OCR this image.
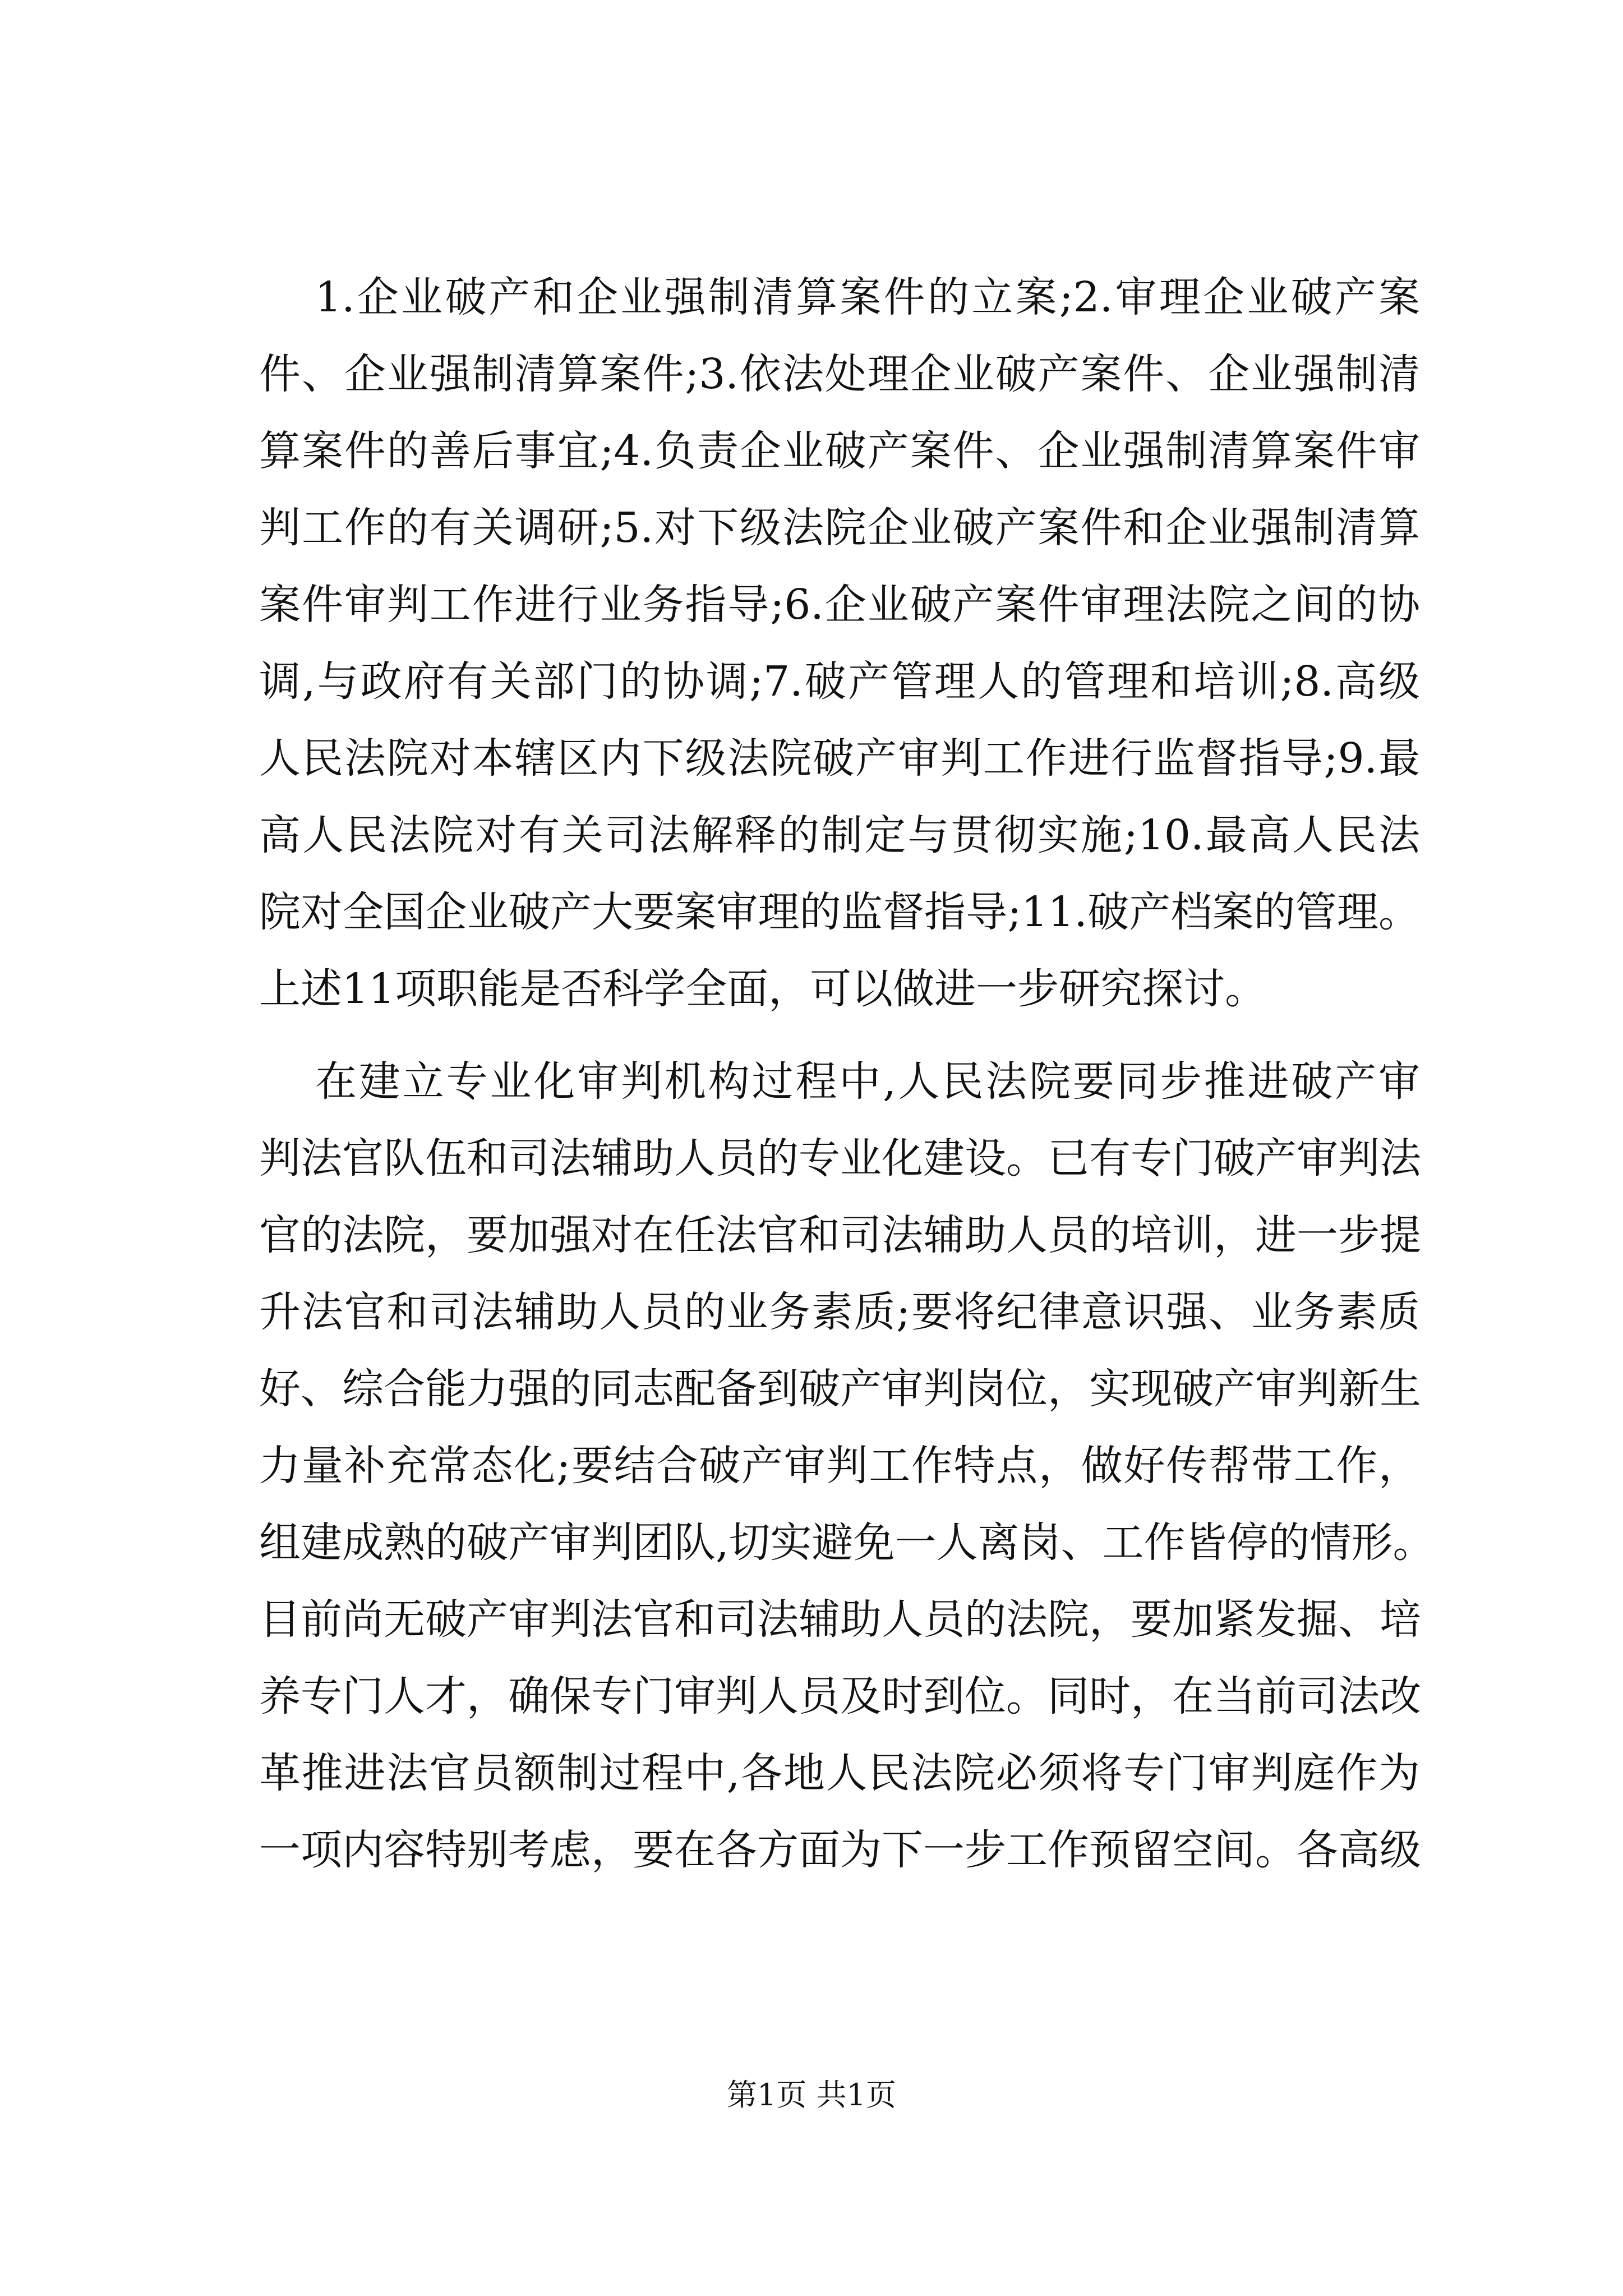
1.企业破产和企业强制清算案件的立案;2.审理企业破产案
件、企业强制清算案件;3.依法处理企业破产案件、企业强制清
算案件的善后事宜;4.负责企业破产案件、企业强制清算案件审
判工作的有关调研;5.对下级法院企业破产案件和企业强制清算
案件审判工作进行业务指导;6.企业破产案件审理法院之间的协
调,与政府有关部门的协调;7.破产管理人的管理和培训;8.高级
人民法院对本辖区内下级法院破产审判工作进行监督指导;9.最
高人民法院对有关司法解释的制定与贯彻实施;10.最高人民法
院对全国企业破产大要案审理的监督指导;11.破产档案的管理。
上述11项职能是否科学全面，可以做进一步研究探讨。
在建立专业化审判机构过程中,人民法院要同步推进破产审
判法官队伍和司法辅助人员的专业化建设。已有专门破产审判法
官的法院，要加强对在任法官和司法辅助人员的培训，进一步提
升法官和司法辅助人员的业务素质;要将纪律意识强、业务素质
好、综合能力强的同志配备到破产审判岗位，实现破产审判新生
力量补充常态化;要结合破产审判工作特点，做好传帮带工作，
组建成熟的破产审判团队,切实避免一人离岗、工作皆停的情形。
目前尚无破产审判法官和司法辅助人员的法院，要加紧发掘、培
养专门人才，确保专门审判人员及时到位。同时，在当前司法改
革推进法官员额制过程中,各地人民法院必须将专门审判庭作为
一项内容特别考虑，要在各方面为下一步工作预留空间。各高级
第1页 共1页
